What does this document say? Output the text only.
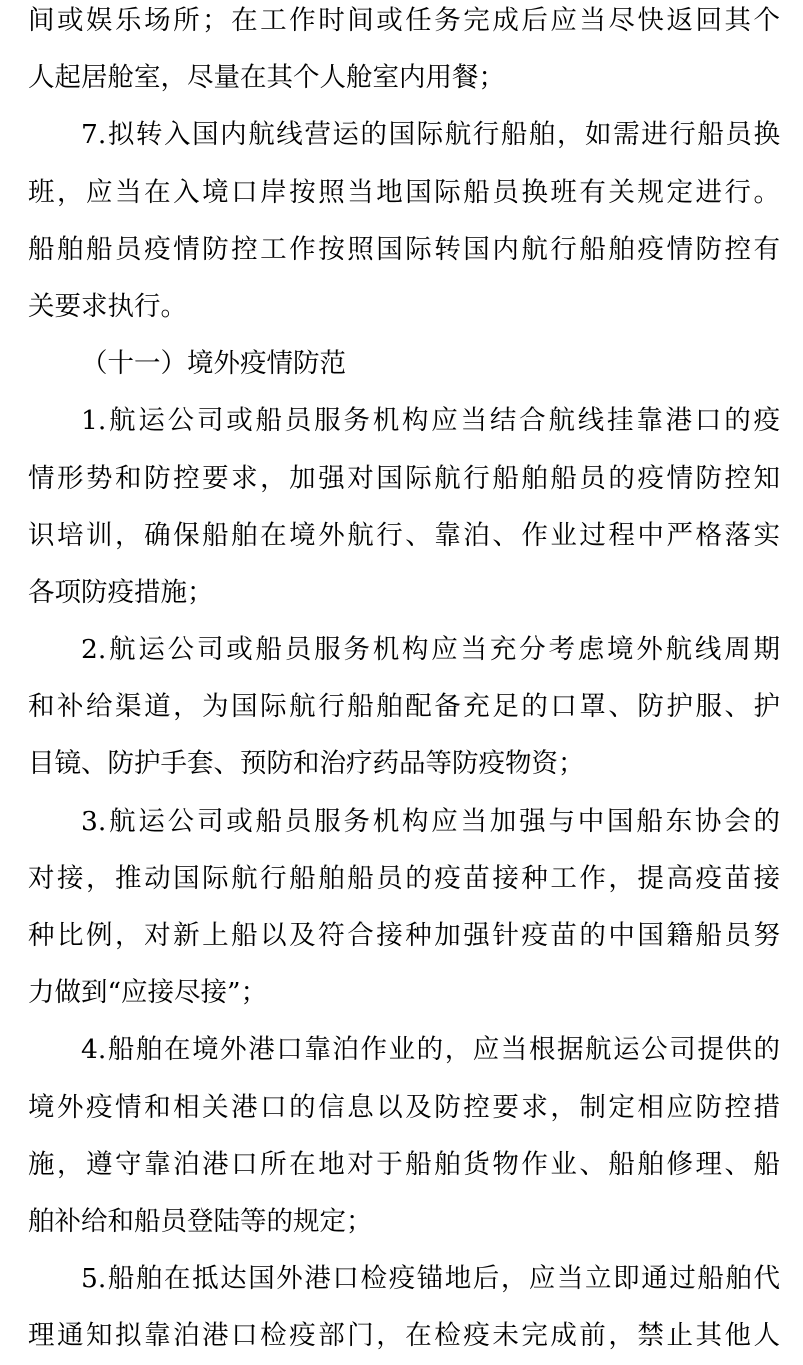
间或娱乐场所；在工作时间或任务完成后应当尽快返回其个
人起居舱室，尽量在其个人舱室内用餐；
7.拟转入国内航线营运的国际航行船舶，如需进行船员换
班，应当在入境口岸按照当地国际船员换班有关规定进行。
船舶船员疫情防控工作按照国际转国内航行船舶疫情防控有
关要求执行。
（十一）境外疫情防范
1.航运公司或船员服务机构应当结合航线挂靠港口的疫
情形势和防控要求，加强对国际航行船舶船员的疫情防控知
识培训，确保船舶在境外航行、靠泊、作业过程中严格落实
各项防疫措施；
2.航运公司或船员服务机构应当充分考虑境外航线周期
和补给渠道，为国际航行船舶配备充足的口罩、防护服、护
目镜、防护手套、预防和治疗药品等防疫物资；
3.航运公司或船员服务机构应当加强与中国船东协会的
对接，推动国际航行船舶船员的疫苗接种工作，提高疫苗接
种比例，对新上船以及符合接种加强针疫苗的中国籍船员努
力做到“应接尽接”；
4.船舶在境外港口靠泊作业的，应当根据航运公司提供的
境外疫情和相关港口的信息以及防控要求，制定相应防控措
施，遵守靠泊港口所在地对于船舶货物作业、船舶修理、船
舶补给和船员登陆等的规定；
5.船舶在抵达国外港口检疫锚地后，应当立即通过船舶代
理通知拟靠泊港口检疫部门，在检疫未完成前，禁止其他人
